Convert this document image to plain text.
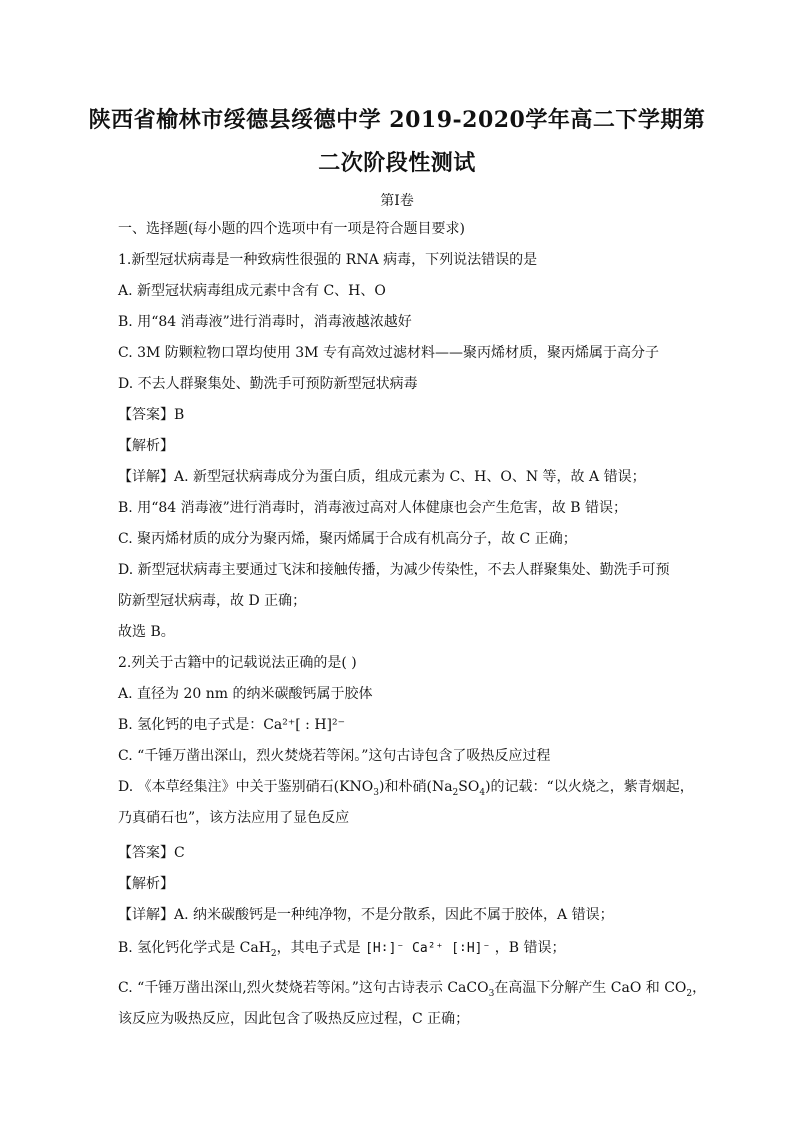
陕西省榆林市绥德县绥德中学 2019-2020学年高二下学期第
二次阶段性测试
第I卷
一、选择题(每小题的四个选项中有一项是符合题目要求)
1.新型冠状病毒是一种致病性很强的 RNA 病毒，下列说法错误的是
A. 新型冠状病毒组成元素中含有 C、H、O
B. 用“84 消毒液”进行消毒时，消毒液越浓越好
C. 3M 防颗粒物口罩均使用 3M 专有高效过滤材料——聚丙烯材质，聚丙烯属于高分子
D. 不去人群聚集处、勤洗手可预防新型冠状病毒
【答案】B
【解析】
【详解】A. 新型冠状病毒成分为蛋白质，组成元素为 C、H、O、N 等，故 A 错误；
B. 用“84 消毒液”进行消毒时，消毒液过高对人体健康也会产生危害，故 B 错误；
C. 聚丙烯材质的成分为聚丙烯，聚丙烯属于合成有机高分子，故 C 正确；
D. 新型冠状病毒主要通过飞沫和接触传播，为减少传染性，不去人群聚集处、勤洗手可预
防新型冠状病毒，故 D 正确；
故选 B。
2.列关于古籍中的记载说法正确的是( )
A. 直径为 20 nm 的纳米碳酸钙属于胶体
B. 氢化钙的电子式是：Ca²⁺[ : H]²⁻
C. “千锤万凿出深山，烈火焚烧若等闲。”这句古诗包含了吸热反应过程
D. 《本草经集注》中关于鉴别硝石$(KNO_3)$和朴硝$(Na_2SO_4)$的记载：“以火烧之，紫青烟起，
乃真硝石也”，该方法应用了显色反应
【答案】C
【解析】
【详解】A. 纳米碳酸钙是一种纯净物，不是分散系，因此不属于胶体，A 错误；
B. 氢化钙化学式是 CaH$_2$，其电子式是 [H∶]⁻ Ca²⁺ [∶H]⁻ ，B 错误；
C. “千锤万凿出深山,烈火焚烧若等闲。”这句古诗表示 CaCO$_3$在高温下分解产生 CaO 和 $CO_2$，
该反应为吸热反应，因此包含了吸热反应过程，C 正确；
